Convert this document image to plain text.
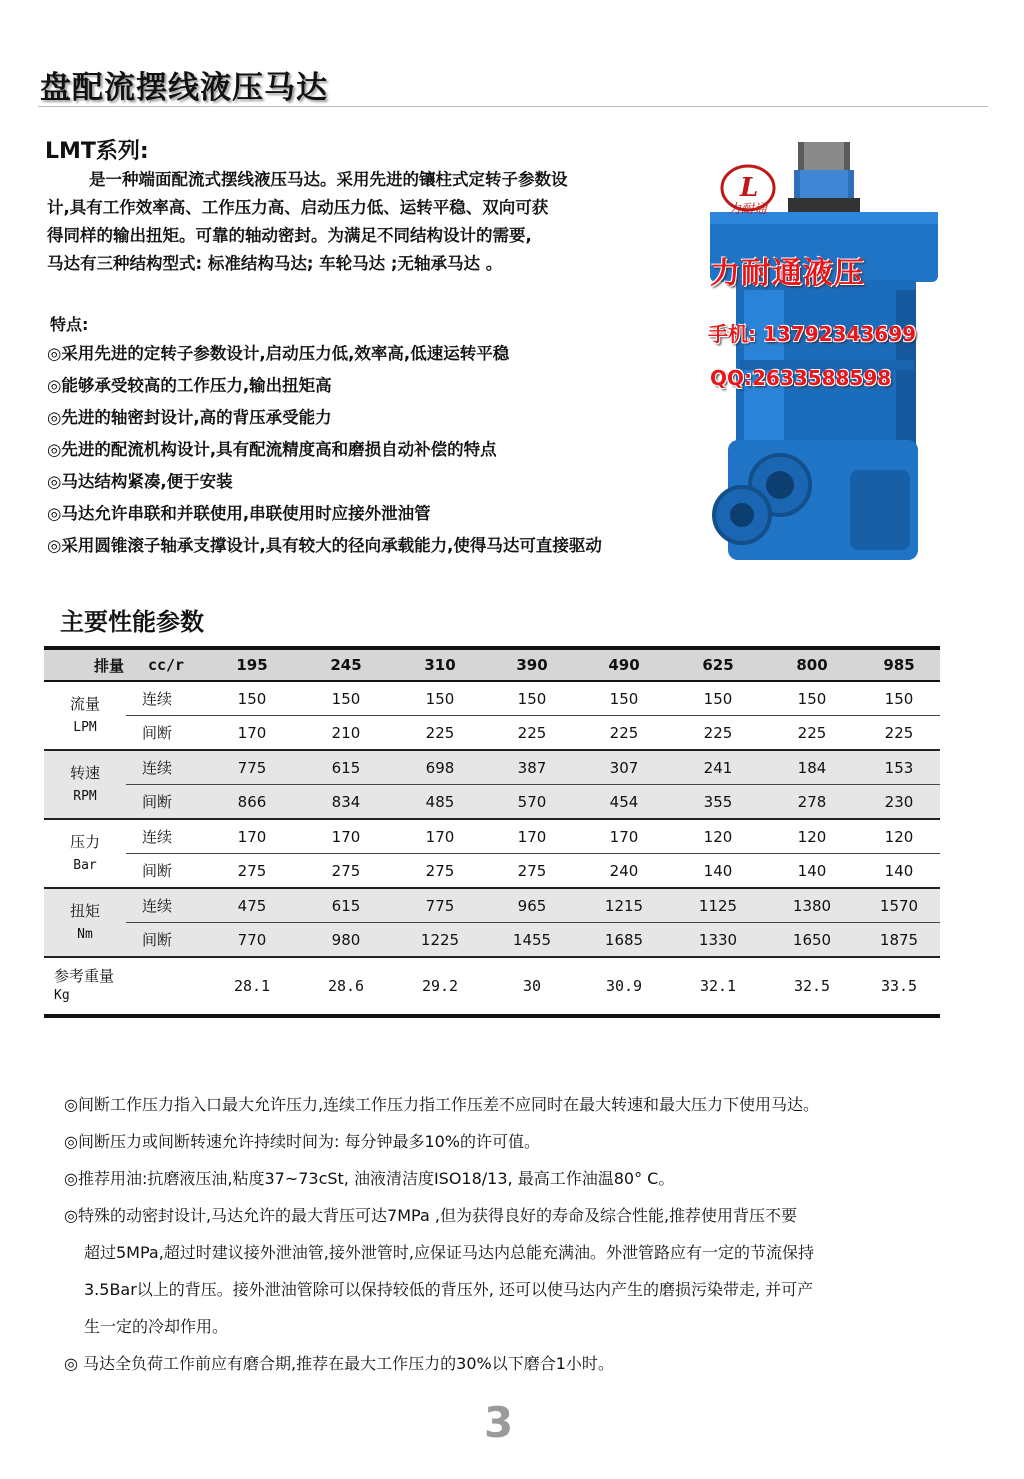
盘配流摆线液压马达
LMT系列:

是一种端面配流式摆线液压马达。采用先进的镶柱式定转子参数设

计,具有工作效率高、工作压力高、启动压力低、运转平稳、双向可获

得同样的输出扭矩。可靠的轴动密封。为满足不同结构设计的需要,

马达有三种结构型式: 标准结构马达; 车轮马达 ;无轴承马达 。

特点:
◎采用先进的定转子参数设计,启动压力低,效率高,低速运转平稳
◎能够承受较高的工作压力,输出扭矩高
◎先进的轴密封设计,高的背压承受能力
◎先进的配流机构设计,具有配流精度高和磨损自动补偿的特点
◎马达结构紧凑,便于安装
◎马达允许串联和并联使用,串联使用时应接外泄油管
◎采用圆锥滚子轴承支撑设计,具有较大的径向承载能力,使得马达可直接驱动
L
力耐通
力耐通液压
手机: 13792343699
QQ:2633588598
主要性能参数
排量	cc/r	195	245	310	390	490	625	800	985

流量
LPM	连续	150	150	150	150	150	150	150	150
	间断	170	210	225	225	225	225	225	225

转速
RPM	连续	775	615	698	387	307	241	184	153
	间断	866	834	485	570	454	355	278	230

压力
Bar	连续	170	170	170	170	170	120	120	120
	间断	275	275	275	275	240	140	140	140

扭矩
Nm	连续	475	615	775	965	1215	1125	1380	1570
	间断	770	980	1225	1455	1685	1330	1650	1875

参考重量
Kg		28.1	28.6	29.2	30	30.9	32.1	32.5	33.5

◎间断工作压力指入口最大允许压力,连续工作压力指工作压差不应同时在最大转速和最大压力下使用马达。

◎间断压力或间断转速允许持续时间为: 每分钟最多10%的许可值。

◎推荐用油:抗磨液压油,粘度37~73cSt, 油液清洁度ISO18/13, 最高工作油温80° C。

◎特殊的动密封设计,马达允许的最大背压可达7MPa ,但为获得良好的寿命及综合性能,推荐使用背压不要

超过5MPa,超过时建议接外泄油管,接外泄管时,应保证马达内总能充满油。外泄管路应有一定的节流保持

3.5Bar以上的背压。接外泄油管除可以保持较低的背压外, 还可以使马达内产生的磨损污染带走, 并可产

生一定的冷却作用。

◎ 马达全负荷工作前应有磨合期,推荐在最大工作压力的30%以下磨合1小时。

3
